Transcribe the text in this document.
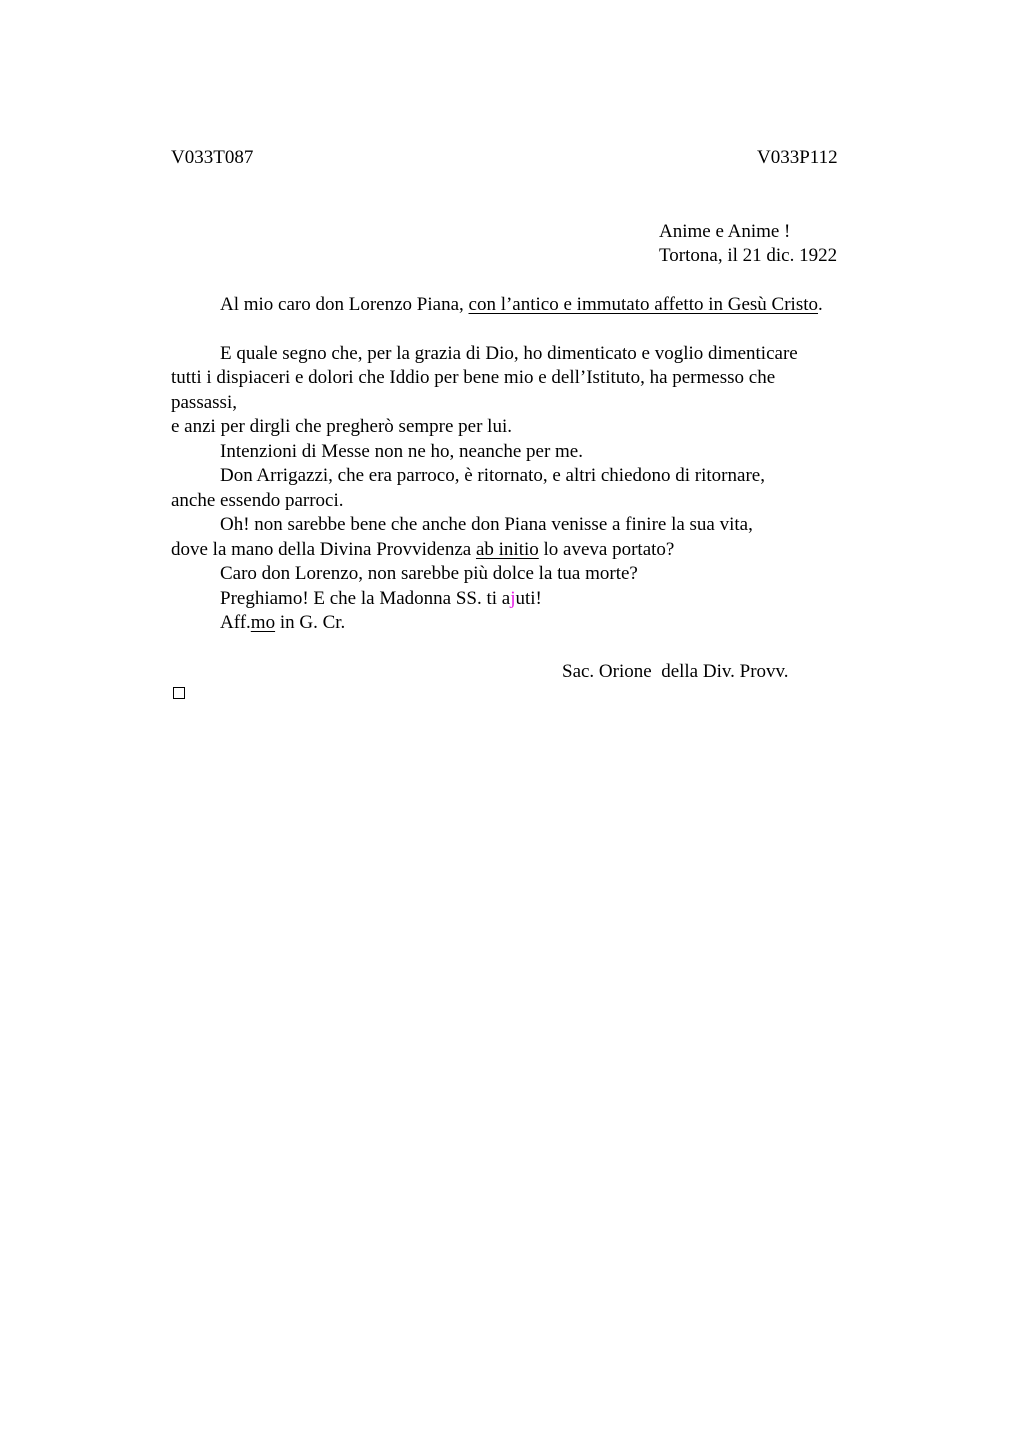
V033T087	V033P112
Anime e Anime !
Tortona, il 21 dic. 1922
Al mio caro don Lorenzo Piana, con l’antico e immutato affetto in Gesù Cristo.
E quale segno che, per la grazia di Dio, ho dimenticato e voglio dimenticare
tutti i dispiaceri e dolori che Iddio per bene mio e dell’Istituto, ha permesso che
passassi,
e anzi per dirgli che pregherò sempre per lui.
Intenzioni di Messe non ne ho, neanche per me.
Don Arrigazzi, che era parroco, è ritornato, e altri chiedono di ritornare,
anche essendo parroci.
Oh! non sarebbe bene che anche don Piana venisse a finire la sua vita,
dove la mano della Divina Provvidenza ab initio lo aveva portato?
Caro don Lorenzo, non sarebbe più dolce la tua morte?
Preghiamo! E che la Madonna SS. ti ajuti!
Aff.mo in G. Cr.
Sac. Orione  della Div. Provv.
